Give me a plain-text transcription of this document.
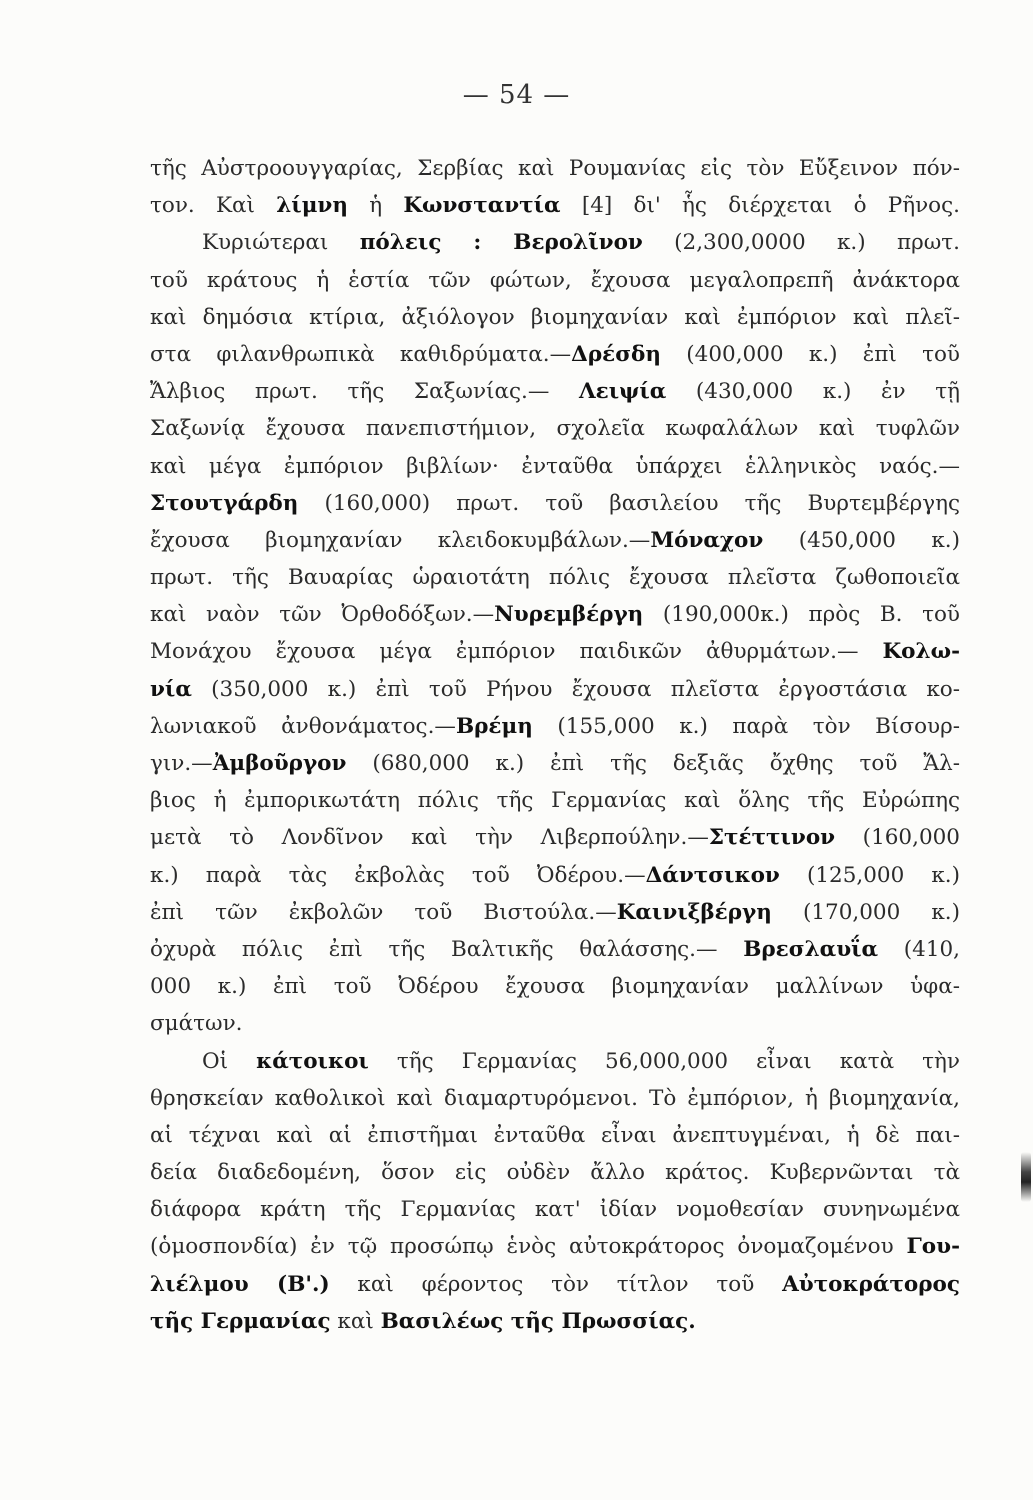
— 54 —
τῆς Αὐστροουγγαρίας, Σερβίας καὶ Ρουμανίας εἰς τὸν Εὔξεινον πόν-
τον. Καὶ λίμνη ἡ Κωνσταντία [4] δι' ἧς διέρχεται ὁ Ρῆνος.
Κυριώτεραι πόλεις : Βερολῖνον (2,300,0000 κ.) πρωτ.
τοῦ κράτους ἡ ἑστία τῶν φώτων, ἔχουσα μεγαλοπρεπῆ ἀνάκτορα
καὶ δημόσια κτίρια, ἀξιόλογον βιομηχανίαν καὶ ἐμπόριον καὶ πλεῖ-
στα φιλανθρωπικὰ καθιδρύματα.—Δρέσδη (400,000 κ.) ἐπὶ τοῦ
Ἄλβιος πρωτ. τῆς Σαξωνίας.— Λειψία (430,000 κ.) ἐν τῇ
Σαξωνίᾳ ἔχουσα πανεπιστήμιον, σχολεῖα κωφαλάλων καὶ τυφλῶν
καὶ μέγα ἐμπόριον βιβλίων· ἐνταῦθα ὑπάρχει ἑλληνικὸς ναός.—
Στουτγάρδη (160,000) πρωτ. τοῦ βασιλείου τῆς Βυρτεμβέργης
ἔχουσα βιομηχανίαν κλειδοκυμβάλων.—Μόναχον (450,000 κ.)
πρωτ. τῆς Βαυαρίας ὡραιοτάτη πόλις ἔχουσα πλεῖστα ζωθοποιεῖα
καὶ ναὸν τῶν Ὀρθοδόξων.—Νυρεμβέργη (190,000κ.) πρὸς Β. τοῦ
Μονάχου ἔχουσα μέγα ἐμπόριον παιδικῶν ἀθυρμάτων.— Κολω-
νία (350,000 κ.) ἐπὶ τοῦ Ρήνου ἔχουσα πλεῖστα ἐργοστάσια κο-
λωνιακοῦ ἀνθονάματος.—Βρέμη (155,000 κ.) παρὰ τὸν Βίσουρ-
γιν.—Ἀμβοῦργον (680,000 κ.) ἐπὶ τῆς δεξιᾶς ὄχθης τοῦ Ἄλ-
βιος ἡ ἐμπορικωτάτη πόλις τῆς Γερμανίας καὶ ὅλης τῆς Εὐρώπης
μετὰ τὸ Λονδῖνον καὶ τὴν Λιβερπούλην.—Στέττινον (160,000
κ.) παρὰ τὰς ἐκβολὰς τοῦ Ὀδέρου.—Δάντσικον (125,000 κ.)
ἐπὶ τῶν ἐκβολῶν τοῦ Βιστούλα.—Καινιξβέργη (170,000 κ.)
ὀχυρὰ πόλις ἐπὶ τῆς Βαλτικῆς θαλάσσης.— Βρεσλαυΐα (410,
000 κ.) ἐπὶ τοῦ Ὀδέρου ἔχουσα βιομηχανίαν μαλλίνων ὑφα-
σμάτων.
Οἱ κάτοικοι τῆς Γερμανίας 56,000,000 εἶναι κατὰ τὴν
θρησκείαν καθολικοὶ καὶ διαμαρτυρόμενοι. Τὸ ἐμπόριον, ἡ βιομηχανία,
αἱ τέχναι καὶ αἱ ἐπιστῆμαι ἐνταῦθα εἶναι ἀνεπτυγμέναι, ἡ δὲ παι-
δεία διαδεδομένη, ὅσον εἰς οὐδὲν ἄλλο κράτος. Κυβερνῶνται τὰ
διάφορα κράτη τῆς Γερμανίας κατ' ἰδίαν νομοθεσίαν συνηνωμένα
(ὁμοσπονδία) ἐν τῷ προσώπῳ ἑνὸς αὐτοκράτορος ὀνομαζομένου Γου-
λιέλμου (Β'.) καὶ φέροντος τὸν τίτλον τοῦ Αὐτοκράτορος
τῆς Γερμανίας καὶ Βασιλέως τῆς Πρωσσίας.
